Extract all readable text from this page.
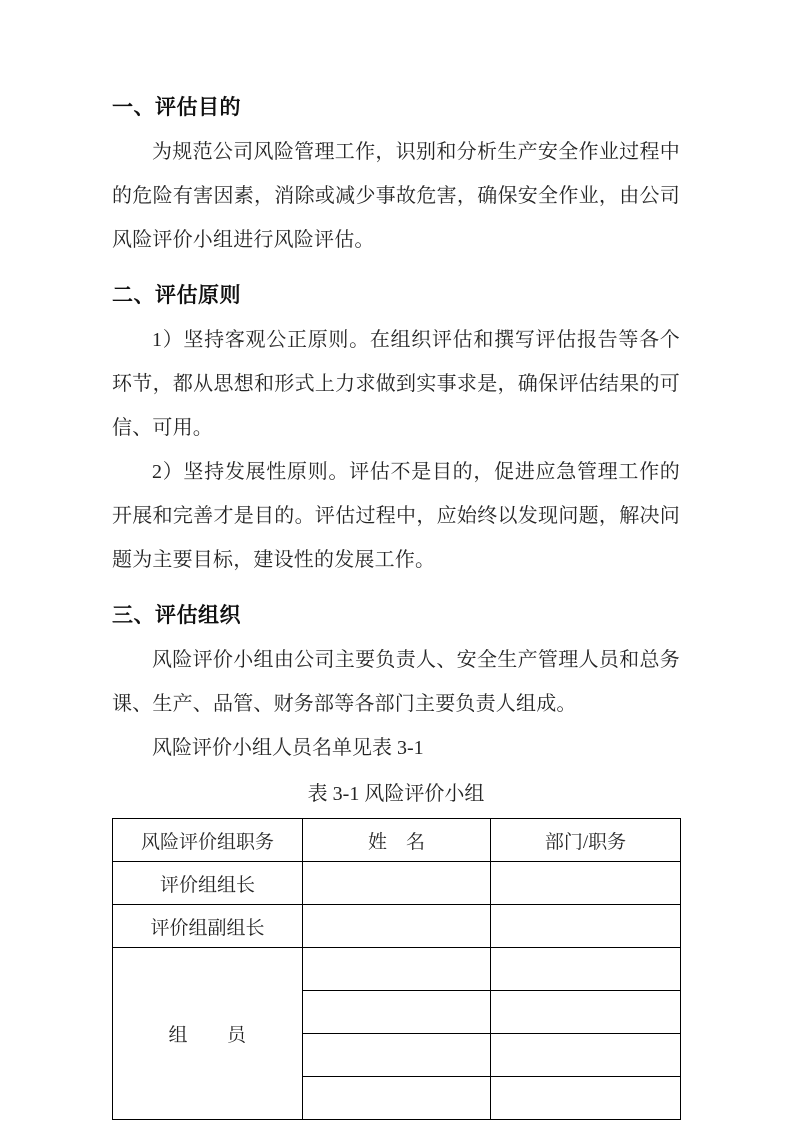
一、评估目的

为规范公司风险管理工作，识别和分析生产安全作业过程中的危险有害因素，消除或减少事故危害，确保安全作业，由公司风险评价小组进行风险评估。

二、评估原则

1）坚持客观公正原则。在组织评估和撰写评估报告等各个环节，都从思想和形式上力求做到实事求是，确保评估结果的可信、可用。

2）坚持发展性原则。评估不是目的，促进应急管理工作的开展和完善才是目的。评估过程中，应始终以发现问题，解决问题为主要目标，建设性的发展工作。

三、评估组织

风险评价小组由公司主要负责人、安全生产管理人员和总务课、生产、品管、财务部等各部门主要负责人组成。

风险评价小组人员名单见表 3-1

表 3-1 风险评价小组
风险评价组职务	姓　名	部门/职务
评价组组长		
评价组副组长		
组　　员		
